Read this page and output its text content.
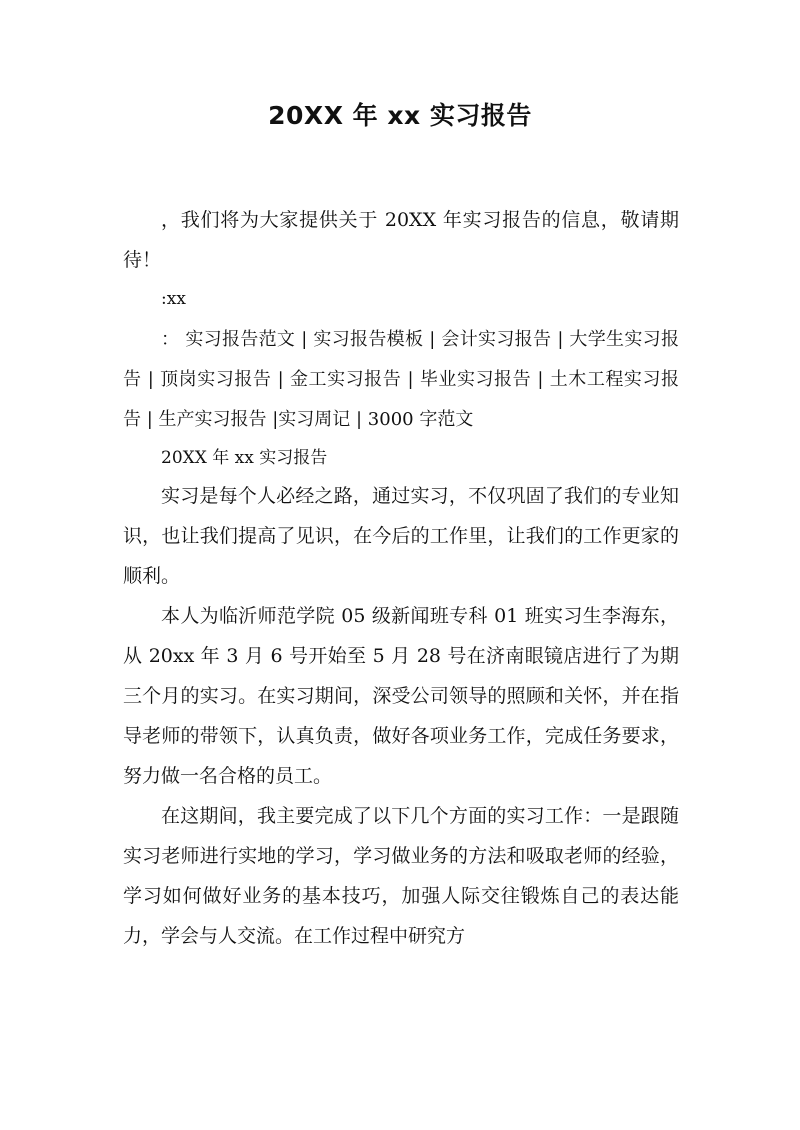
20XX 年 xx 实习报告

，我们将为大家提供关于 20XX 年实习报告的信息，敬请期待！

:xx

： 实习报告范文 | 实习报告模板 | 会计实习报告 | 大学生实习报告 | 顶岗实习报告 | 金工实习报告 | 毕业实习报告 | 土木工程实习报告 | 生产实习报告 |实习周记 | 3000 字范文

20XX 年 xx 实习报告

实习是每个人必经之路，通过实习，不仅巩固了我们的专业知识，也让我们提高了见识，在今后的工作里，让我们的工作更家的顺利。

本人为临沂师范学院 05 级新闻班专科 01 班实习生李海东，从 20xx 年 3 月 6 号开始至 5 月 28 号在济南眼镜店进行了为期三个月的实习。在实习期间，深受公司领导的照顾和关怀，并在指导老师的带领下，认真负责，做好各项业务工作，完成任务要求，努力做一名合格的员工。

在这期间，我主要完成了以下几个方面的实习工作：一是跟随实习老师进行实地的学习，学习做业务的方法和吸取老师的经验，学习如何做好业务的基本技巧，加强人际交往锻炼自己的表达能力，学会与人交流。在工作过程中研究方
